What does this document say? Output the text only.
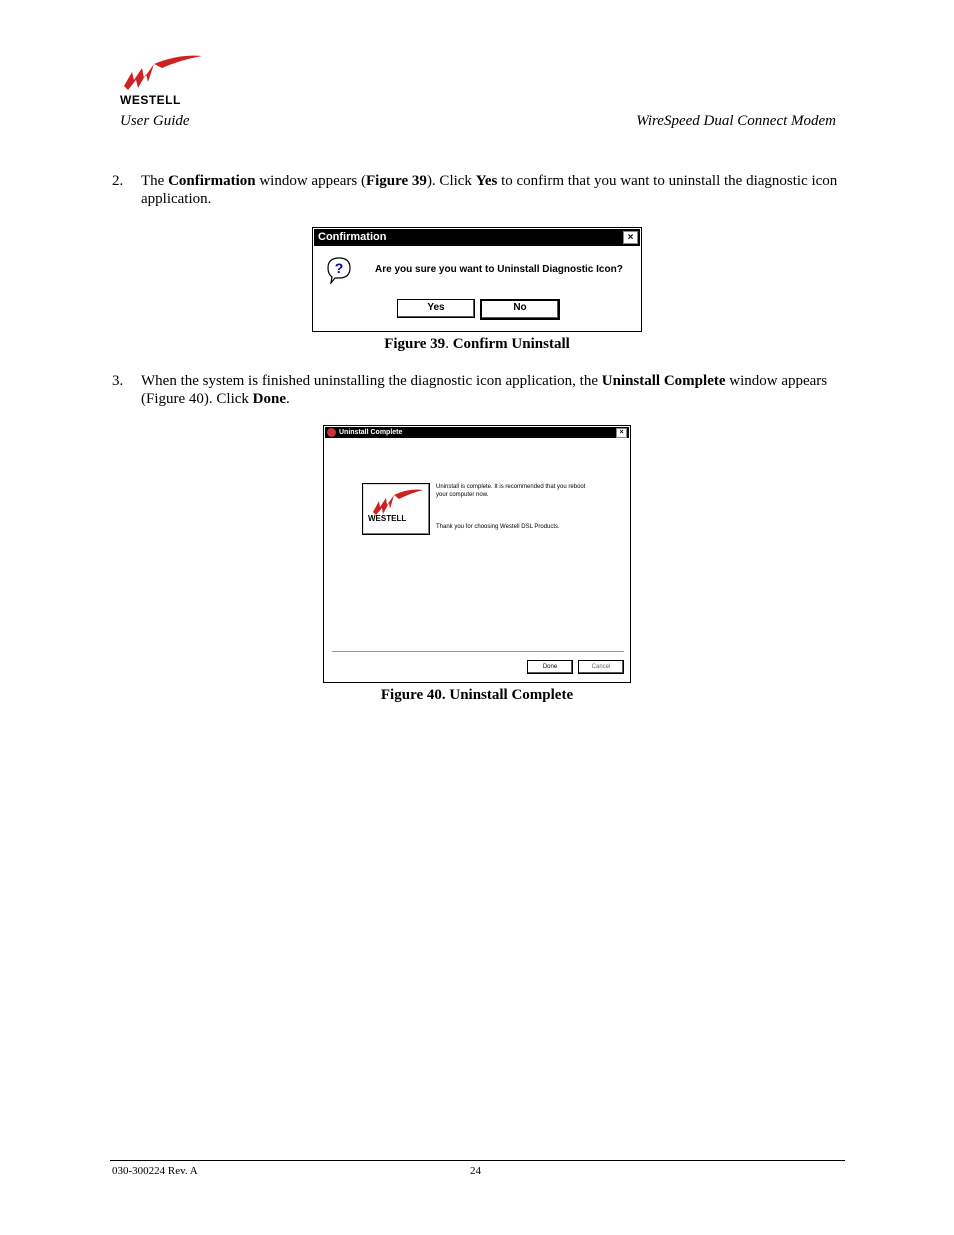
WESTELL
User Guide	WireSpeed Dual Connect Modem
2. The Confirmation window appears (Figure 39). Click Yes to confirm that you want to uninstall the diagnostic icon application.
Confirmation	×
?	Are you sure you want to Uninstall Diagnostic Icon?
Yes	No
Figure 39. Confirm Uninstall
3. When the system is finished uninstalling the diagnostic icon application, the Uninstall Complete window appears (Figure 40). Click Done.
Uninstall Complete	×
WESTELL
Uninstall is complete. It is recommended that you reboot your computer now.
Thank you for choosing Westell DSL Products.
Done	Cancel
Figure 40. Uninstall Complete
030-300224 Rev. A	24
